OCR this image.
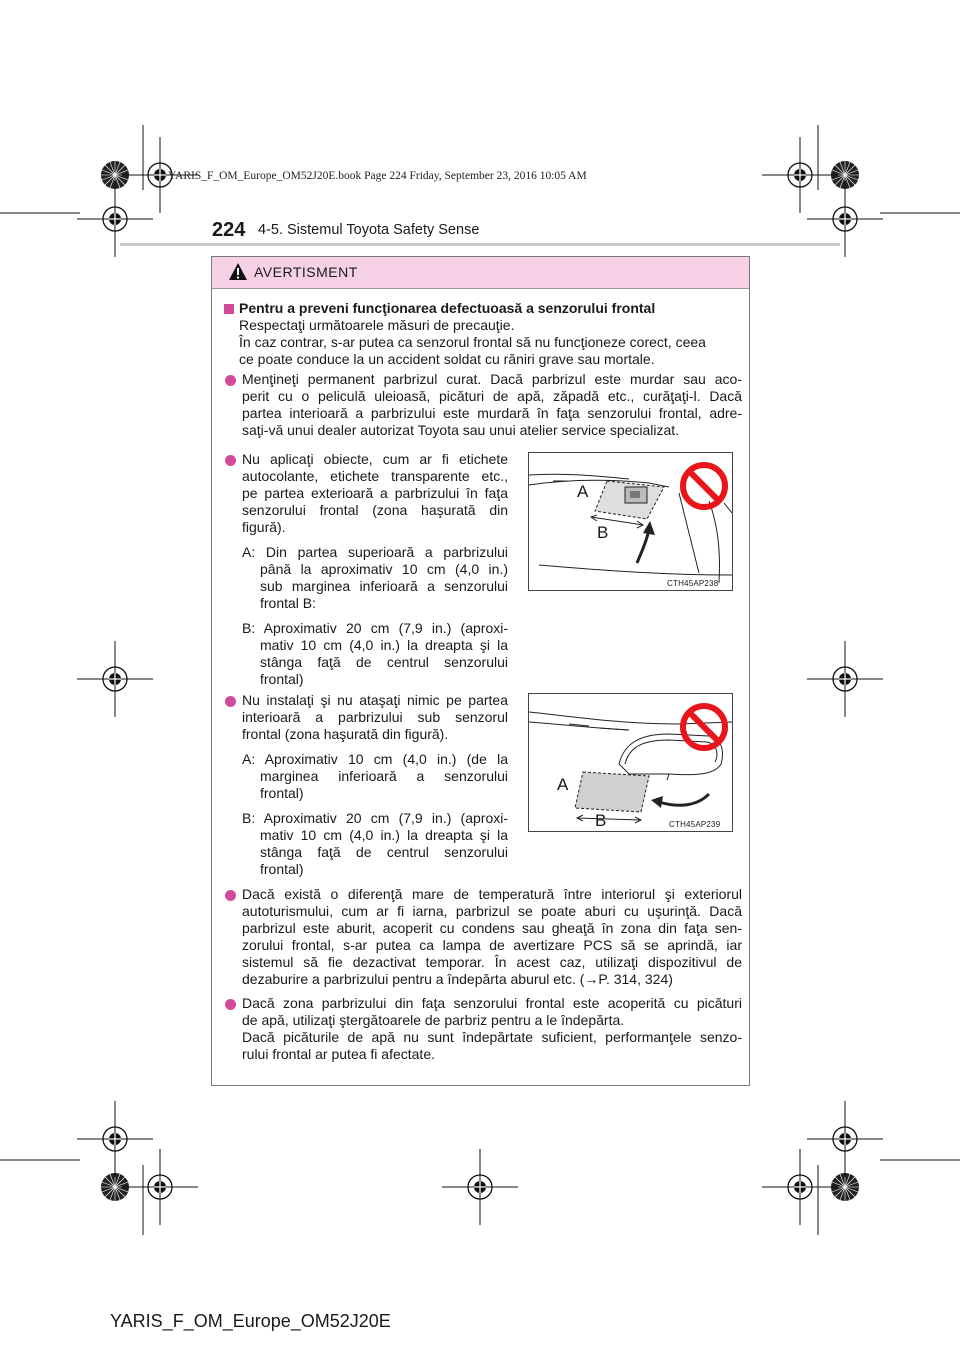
YARIS_F_OM_Europe_OM52J20E.book Page 224 Friday, September 23, 2016 10:05 AM
224 4-5. Sistemul Toyota Safety Sense
AVERTISMENT
Pentru a preveni funcţionarea defectuoasă a senzorului frontal
Respectaţi următoarele măsuri de precauţie.
În caz contrar, s-ar putea ca senzorul frontal să nu funcţioneze corect, ceea
ce poate conduce la un accident soldat cu răniri grave sau mortale.
Menţineţi permanent parbrizul curat. Dacă parbrizul este murdar sau aco-
perit cu o peliculă uleioasă, picături de apă, zăpadă etc., curăţaţi-l. Dacă
partea interioară a parbrizului este murdară în faţa senzorului frontal, adre-
saţi-vă unui dealer autorizat Toyota sau unui atelier service specializat.
Nu aplicaţi obiecte, cum ar fi etichete
autocolante, etichete transparente etc.,
pe partea exterioară a parbrizului în faţa
senzorului frontal (zona haşurată din
figură).
A: Din partea superioară a parbrizului
până la aproximativ 10 cm (4,0 in.)
sub marginea inferioară a senzorului
frontal B:
B: Aproximativ 20 cm (7,9 in.) (aproxi-
mativ 10 cm (4,0 in.) la dreapta şi la
stânga faţă de centrul senzorului
frontal)
A
B
CTH45AP238
Nu instalaţi şi nu ataşaţi nimic pe partea
interioară a parbrizului sub senzorul
frontal (zona haşurată din figură).
A: Aproximativ 10 cm (4,0 in.) (de la
marginea inferioară a senzorului
frontal)
B: Aproximativ 20 cm (7,9 in.) (aproxi-
mativ 10 cm (4,0 in.) la dreapta şi la
stânga faţă de centrul senzorului
frontal)
A
B	CTH45AP239
Dacă există o diferenţă mare de temperatură între interiorul şi exteriorul
autoturismului, cum ar fi iarna, parbrizul se poate aburi cu uşurinţă. Dacă
parbrizul este aburit, acoperit cu condens sau gheaţă în zona din faţa sen-
zorului frontal, s-ar putea ca lampa de avertizare PCS să se aprindă, iar
sistemul să fie dezactivat temporar. În acest caz, utilizaţi dispozitivul de
dezaburire a parbrizului pentru a îndepărta aburul etc. (→P. 314, 324)
Dacă zona parbrizului din faţa senzorului frontal este acoperită cu picături
de apă, utilizaţi ştergătoarele de parbriz pentru a le îndepărta.
Dacă picăturile de apă nu sunt îndepărtate suficient, performanţele senzo-
rului frontal ar putea fi afectate.
YARIS_F_OM_Europe_OM52J20E
